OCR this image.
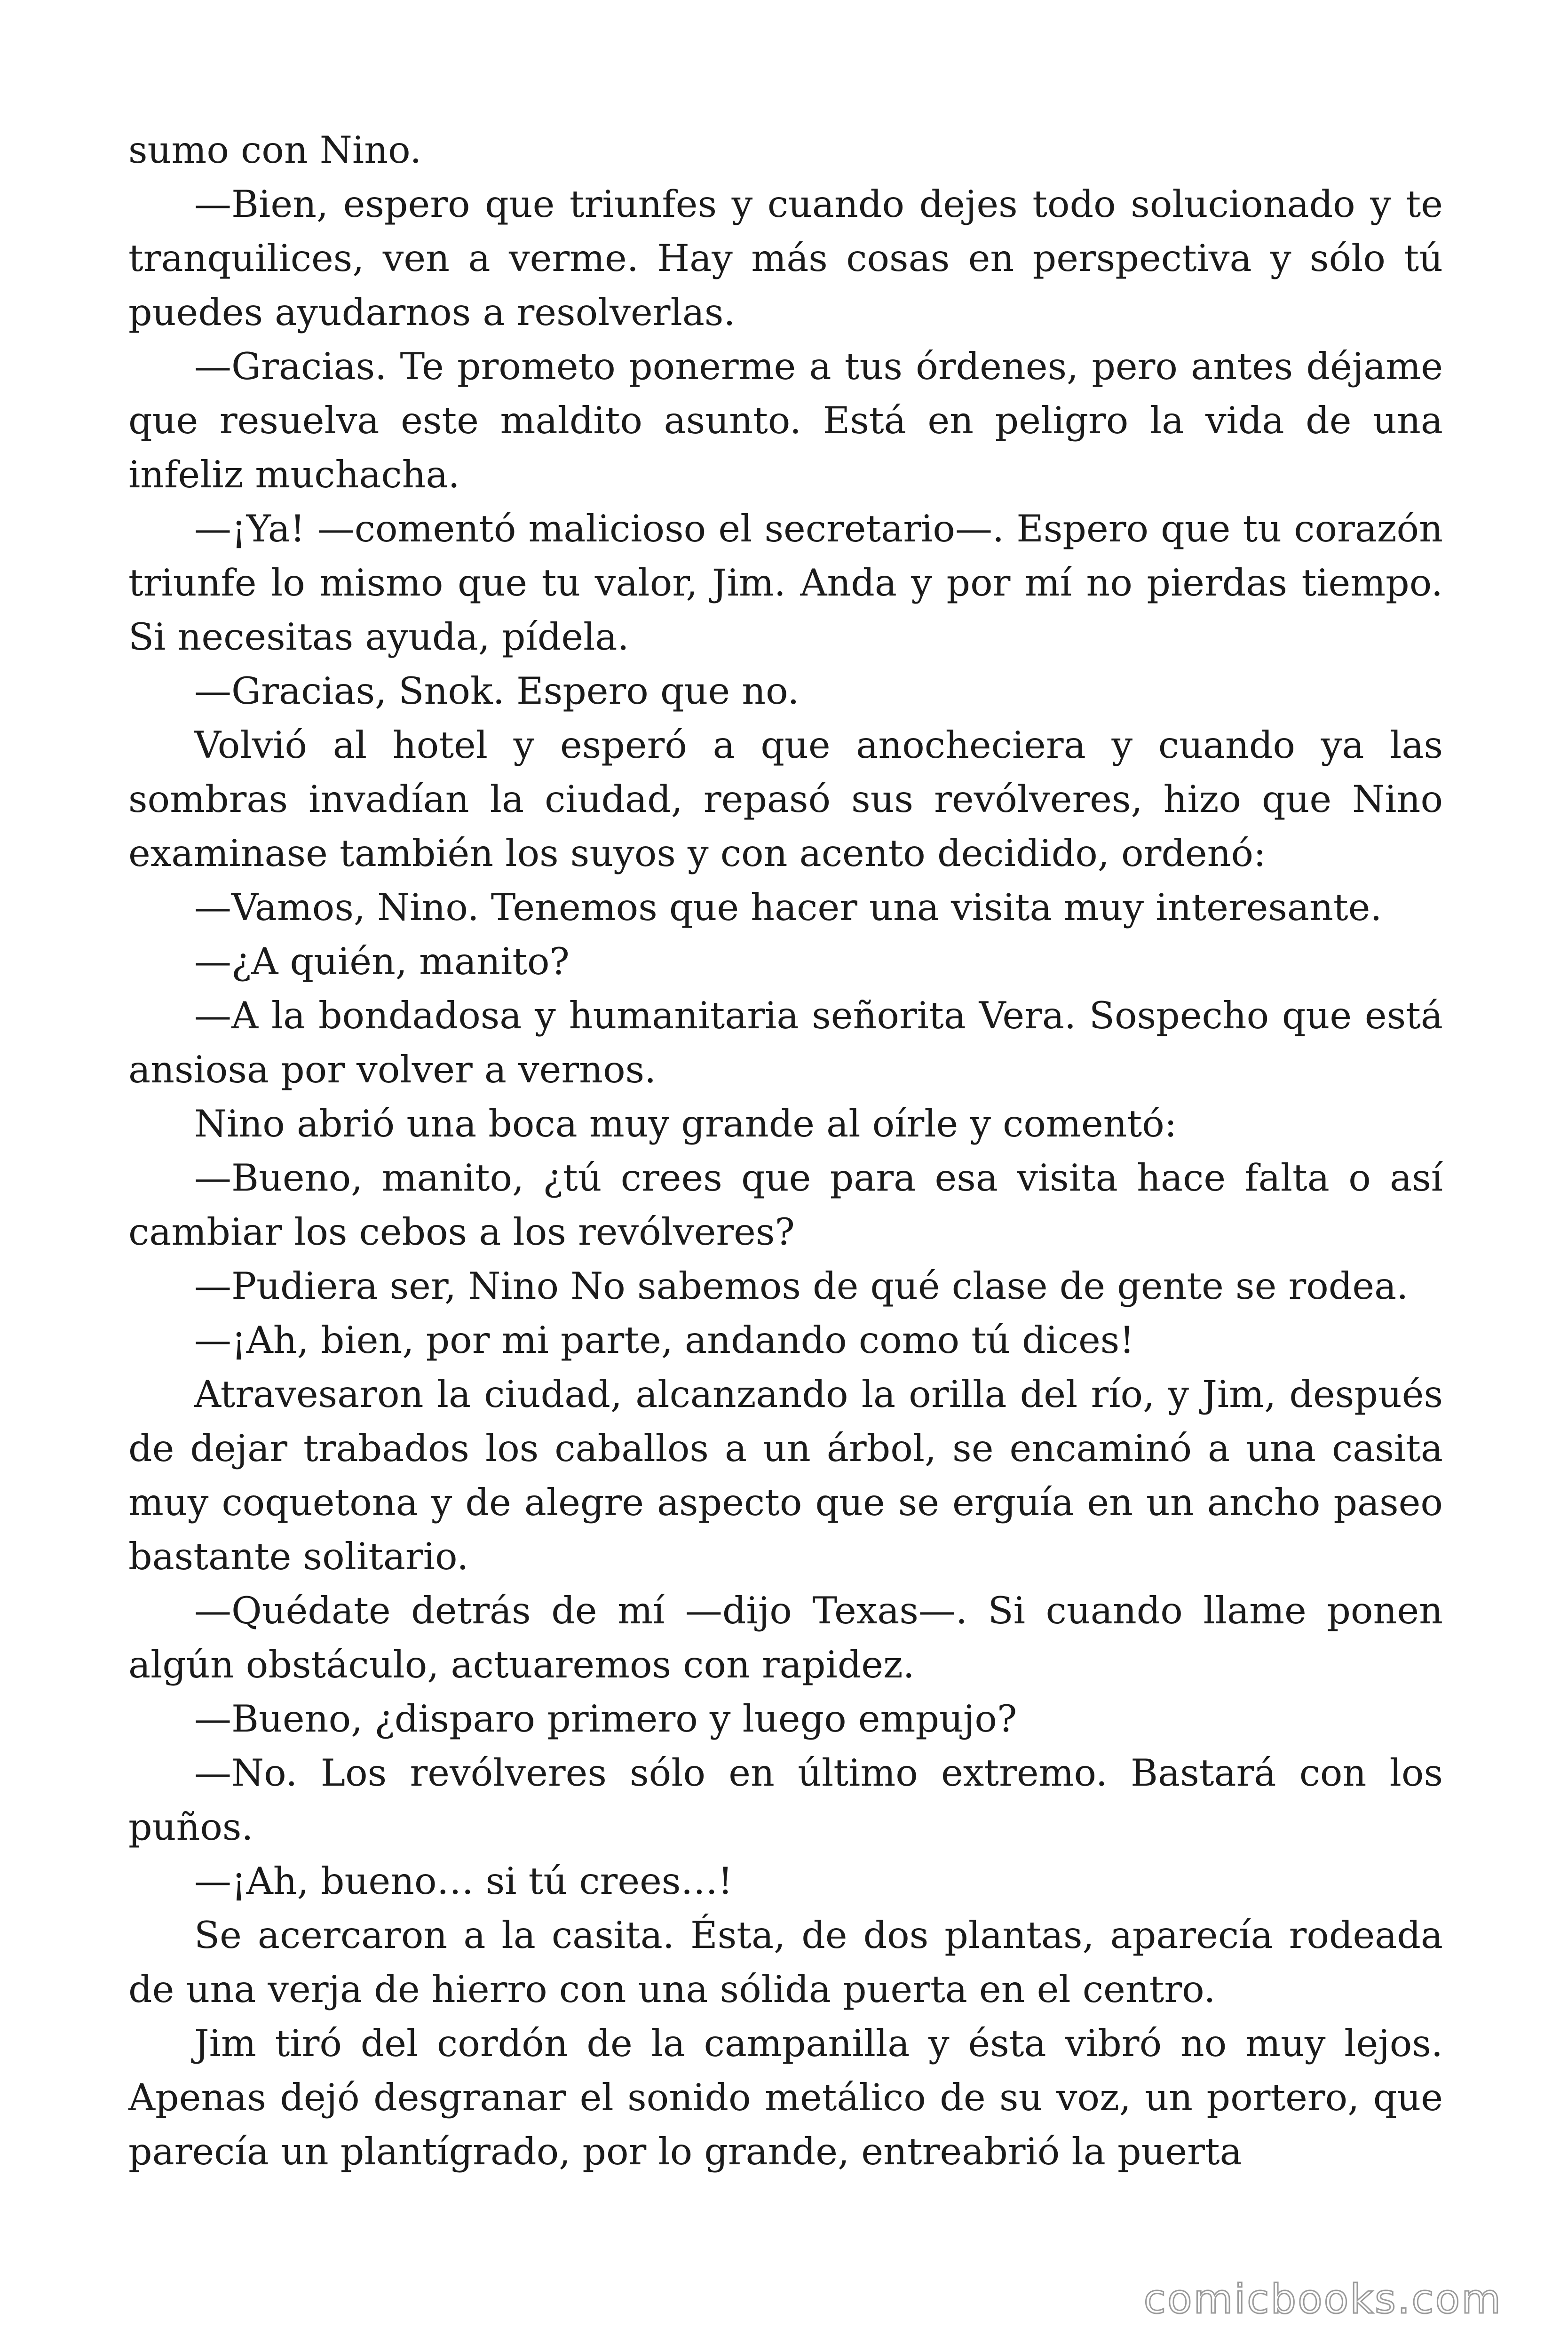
sumo con Nino.

—Bien, espero que triunfes y cuando dejes todo solucionado y te tranquilices, ven a verme. Hay más cosas en perspectiva y sólo tú puedes ayudarnos a resolverlas.

—Gracias. Te prometo ponerme a tus órdenes, pero antes déjame que resuelva este maldito asunto. Está en peligro la vida de una infeliz muchacha.

—¡Ya! —comentó malicioso el secretario—. Espero que tu corazón triunfe lo mismo que tu valor, Jim. Anda y por mí no pierdas tiempo. Si necesitas ayuda, pídela.

—Gracias, Snok. Espero que no.

Volvió al hotel y esperó a que anocheciera y cuando ya las sombras invadían la ciudad, repasó sus revólveres, hizo que Nino examinase también los suyos y con acento decidido, ordenó:

—Vamos, Nino. Tenemos que hacer una visita muy interesante.

—¿A quién, manito?

—A la bondadosa y humanitaria señorita Vera. Sospecho que está ansiosa por volver a vernos.

Nino abrió una boca muy grande al oírle y comentó:

—Bueno, manito, ¿tú crees que para esa visita hace falta o así cambiar los cebos a los revólveres?

—Pudiera ser, Nino No sabemos de qué clase de gente se rodea.

—¡Ah, bien, por mi parte, andando como tú dices!

Atravesaron la ciudad, alcanzando la orilla del río, y Jim, después de dejar trabados los caballos a un árbol, se encaminó a una casita muy coquetona y de alegre aspecto que se erguía en un ancho paseo bastante solitario.

—Quédate detrás de mí —dijo Texas—. Si cuando llame ponen algún obstáculo, actuaremos con rapidez.

—Bueno, ¿disparo primero y luego empujo?

—No. Los revólveres sólo en último extremo. Bastará con los puños.

—¡Ah, bueno… si tú crees…!

Se acercaron a la casita. Ésta, de dos plantas, aparecía rodeada de una verja de hierro con una sólida puerta en el centro.

Jim tiró del cordón de la campanilla y ésta vibró no muy lejos. Apenas dejó desgranar el sonido metálico de su voz, un portero, que parecía un plantígrado, por lo grande, entreabrió la puerta

comicbooks.com
